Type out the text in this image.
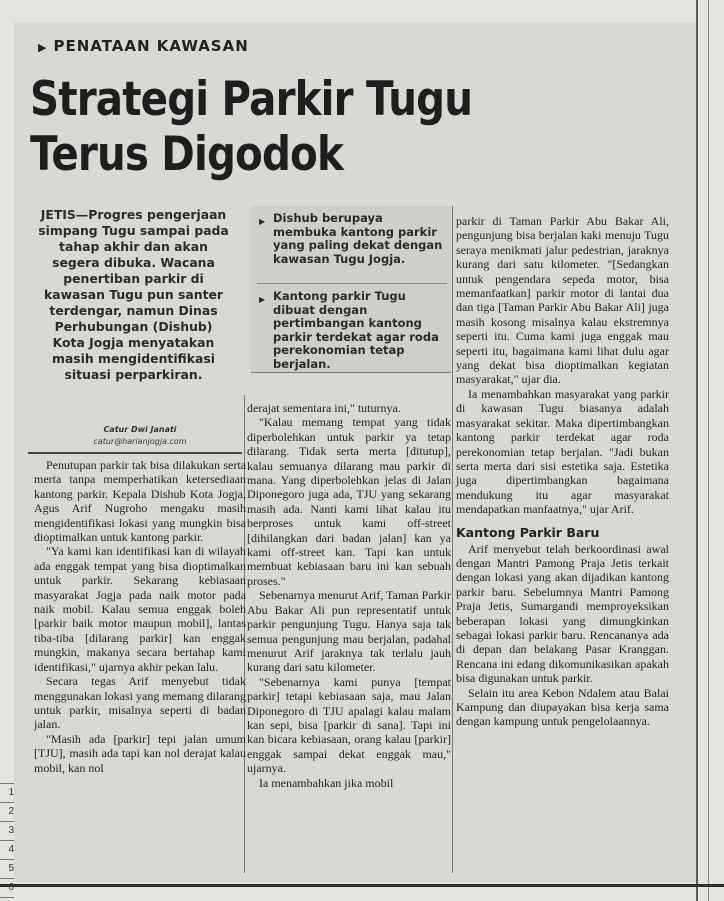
1
2
3
4
5
6
▶ PENATAAN KAWASAN
Strategi Parkir Tugu
Terus Digodok
JETIS—Progres pengerjaan simpang Tugu sampai pada tahap akhir dan akan segera dibuka. Wacana penertiban parkir di kawasan Tugu pun santer terdengar, namun Dinas Perhubungan (Dishub) Kota Jogja menyatakan masih mengidentifikasi situasi perparkiran.
Catur Dwi Janati
catur@harianjogja.com
▶ Dishub berupaya membuka kantong parkir yang paling dekat dengan kawasan Tugu Jogja.
▶ Kantong parkir Tugu dibuat dengan pertimbangan kantong parkir terdekat agar roda perekonomian tetap berjalan.

Penutupan parkir tak bisa dilakukan serta merta tanpa memperhatikan ketersediaan kantong parkir. Kepala Dishub Kota Jogja, Agus Arif Nugroho mengaku masih mengidentifikasi lokasi yang mungkin bisa dioptimalkan untuk kantong parkir.

"Ya kami kan identifikasi kan di wilayah ada enggak tempat yang bisa dioptimalkan untuk parkir. Sekarang kebiasaan masyarakat Jogja pada naik motor pada naik mobil. Kalau semua enggak boleh [parkir baik motor maupun mobil], lantas tiba-tiba [dilarang parkir] kan enggak mungkin, makanya secara bertahap kami identifikasi," ujarnya akhir pekan lalu.

Secara tegas Arif menyebut tidak menggunakan lokasi yang memang dilarang untuk parkir, misalnya seperti di badan jalan.

"Masih ada [parkir] tepi jalan umum [TJU], masih ada tapi kan nol derajat kalau mobil, kan nol

derajat sementara ini," tuturnya.

"Kalau memang tempat yang tidak diperbolehkan untuk parkir ya tetap dilarang. Tidak serta merta [ditutup], kalau semuanya dilarang mau parkir di mana. Yang diperbolehkan jelas di Jalan Diponegoro juga ada, TJU yang sekarang masih ada. Nanti kami lihat kalau itu berproses untuk kami off-street [dihilangkan dari badan jalan] kan ya kami off-street kan. Tapi kan untuk membuat kebiasaan baru ini kan sebuah proses."

Sebenarnya menurut Arif, Taman Parkir Abu Bakar Ali pun representatif untuk parkir pengunjung Tugu. Hanya saja tak semua pengunjung mau berjalan, padahal menurut Arif jaraknya tak terlalu jauh kurang dari satu kilometer.

"Sebenarnya kami punya [tempat parkir] tetapi kebiasaan saja, mau Jalan Diponegoro di TJU apalagi kalau malam kan sepi, bisa [parkir di sana]. Tapi ini kan bicara kebiasaan, orang kalau [parkir] enggak sampai dekat enggak mau," ujarnya.

Ia menambahkan jika mobil

parkir di Taman Parkir Abu Bakar Ali, pengunjung bisa berjalan kaki menuju Tugu seraya menikmati jalur pedestrian, jaraknya kurang dari satu kilometer. "[Sedangkan untuk pengendara sepeda motor, bisa memanfaatkan] parkir motor di lantai dua dan tiga [Taman Parkir Abu Bakar Ali] juga masih kosong misalnya kalau ekstremnya seperti itu. Cuma kami juga enggak mau seperti itu, bagaimana kami lihat dulu agar yang dekat bisa dioptimalkan kegiatan masyarakat," ujar dia.

Ia menambahkan masyarakat yang parkir di kawasan Tugu biasanya adalah masyarakat sekitar. Maka dipertimbangkan kantong parkir terdekat agar roda perekonomian tetap berjalan. "Jadi bukan serta merta dari sisi estetika saja. Estetika juga dipertimbangkan bagaimana mendukung itu agar masyarakat mendapatkan manfaatnya," ujar Arif.

Kantong Parkir Baru

Arif menyebut telah berkoordinasi awal dengan Mantri Pamong Praja Jetis terkait dengan lokasi yang akan dijadikan kantong parkir baru. Sebelumnya Mantri Pamong Praja Jetis, Sumargandi memproyeksikan beberapan lokasi yang dimungkinkan sebagai lokasi parkir baru. Rencananya ada di depan dan belakang Pasar Kranggan. Rencana ini edang dikomunikasikan apakah bisa digunakan untuk parkir.

Selain itu area Kebon Ndalem atau Balai Kampung dan diupayakan bisa kerja sama dengan kampung untuk pengelolaannya.
